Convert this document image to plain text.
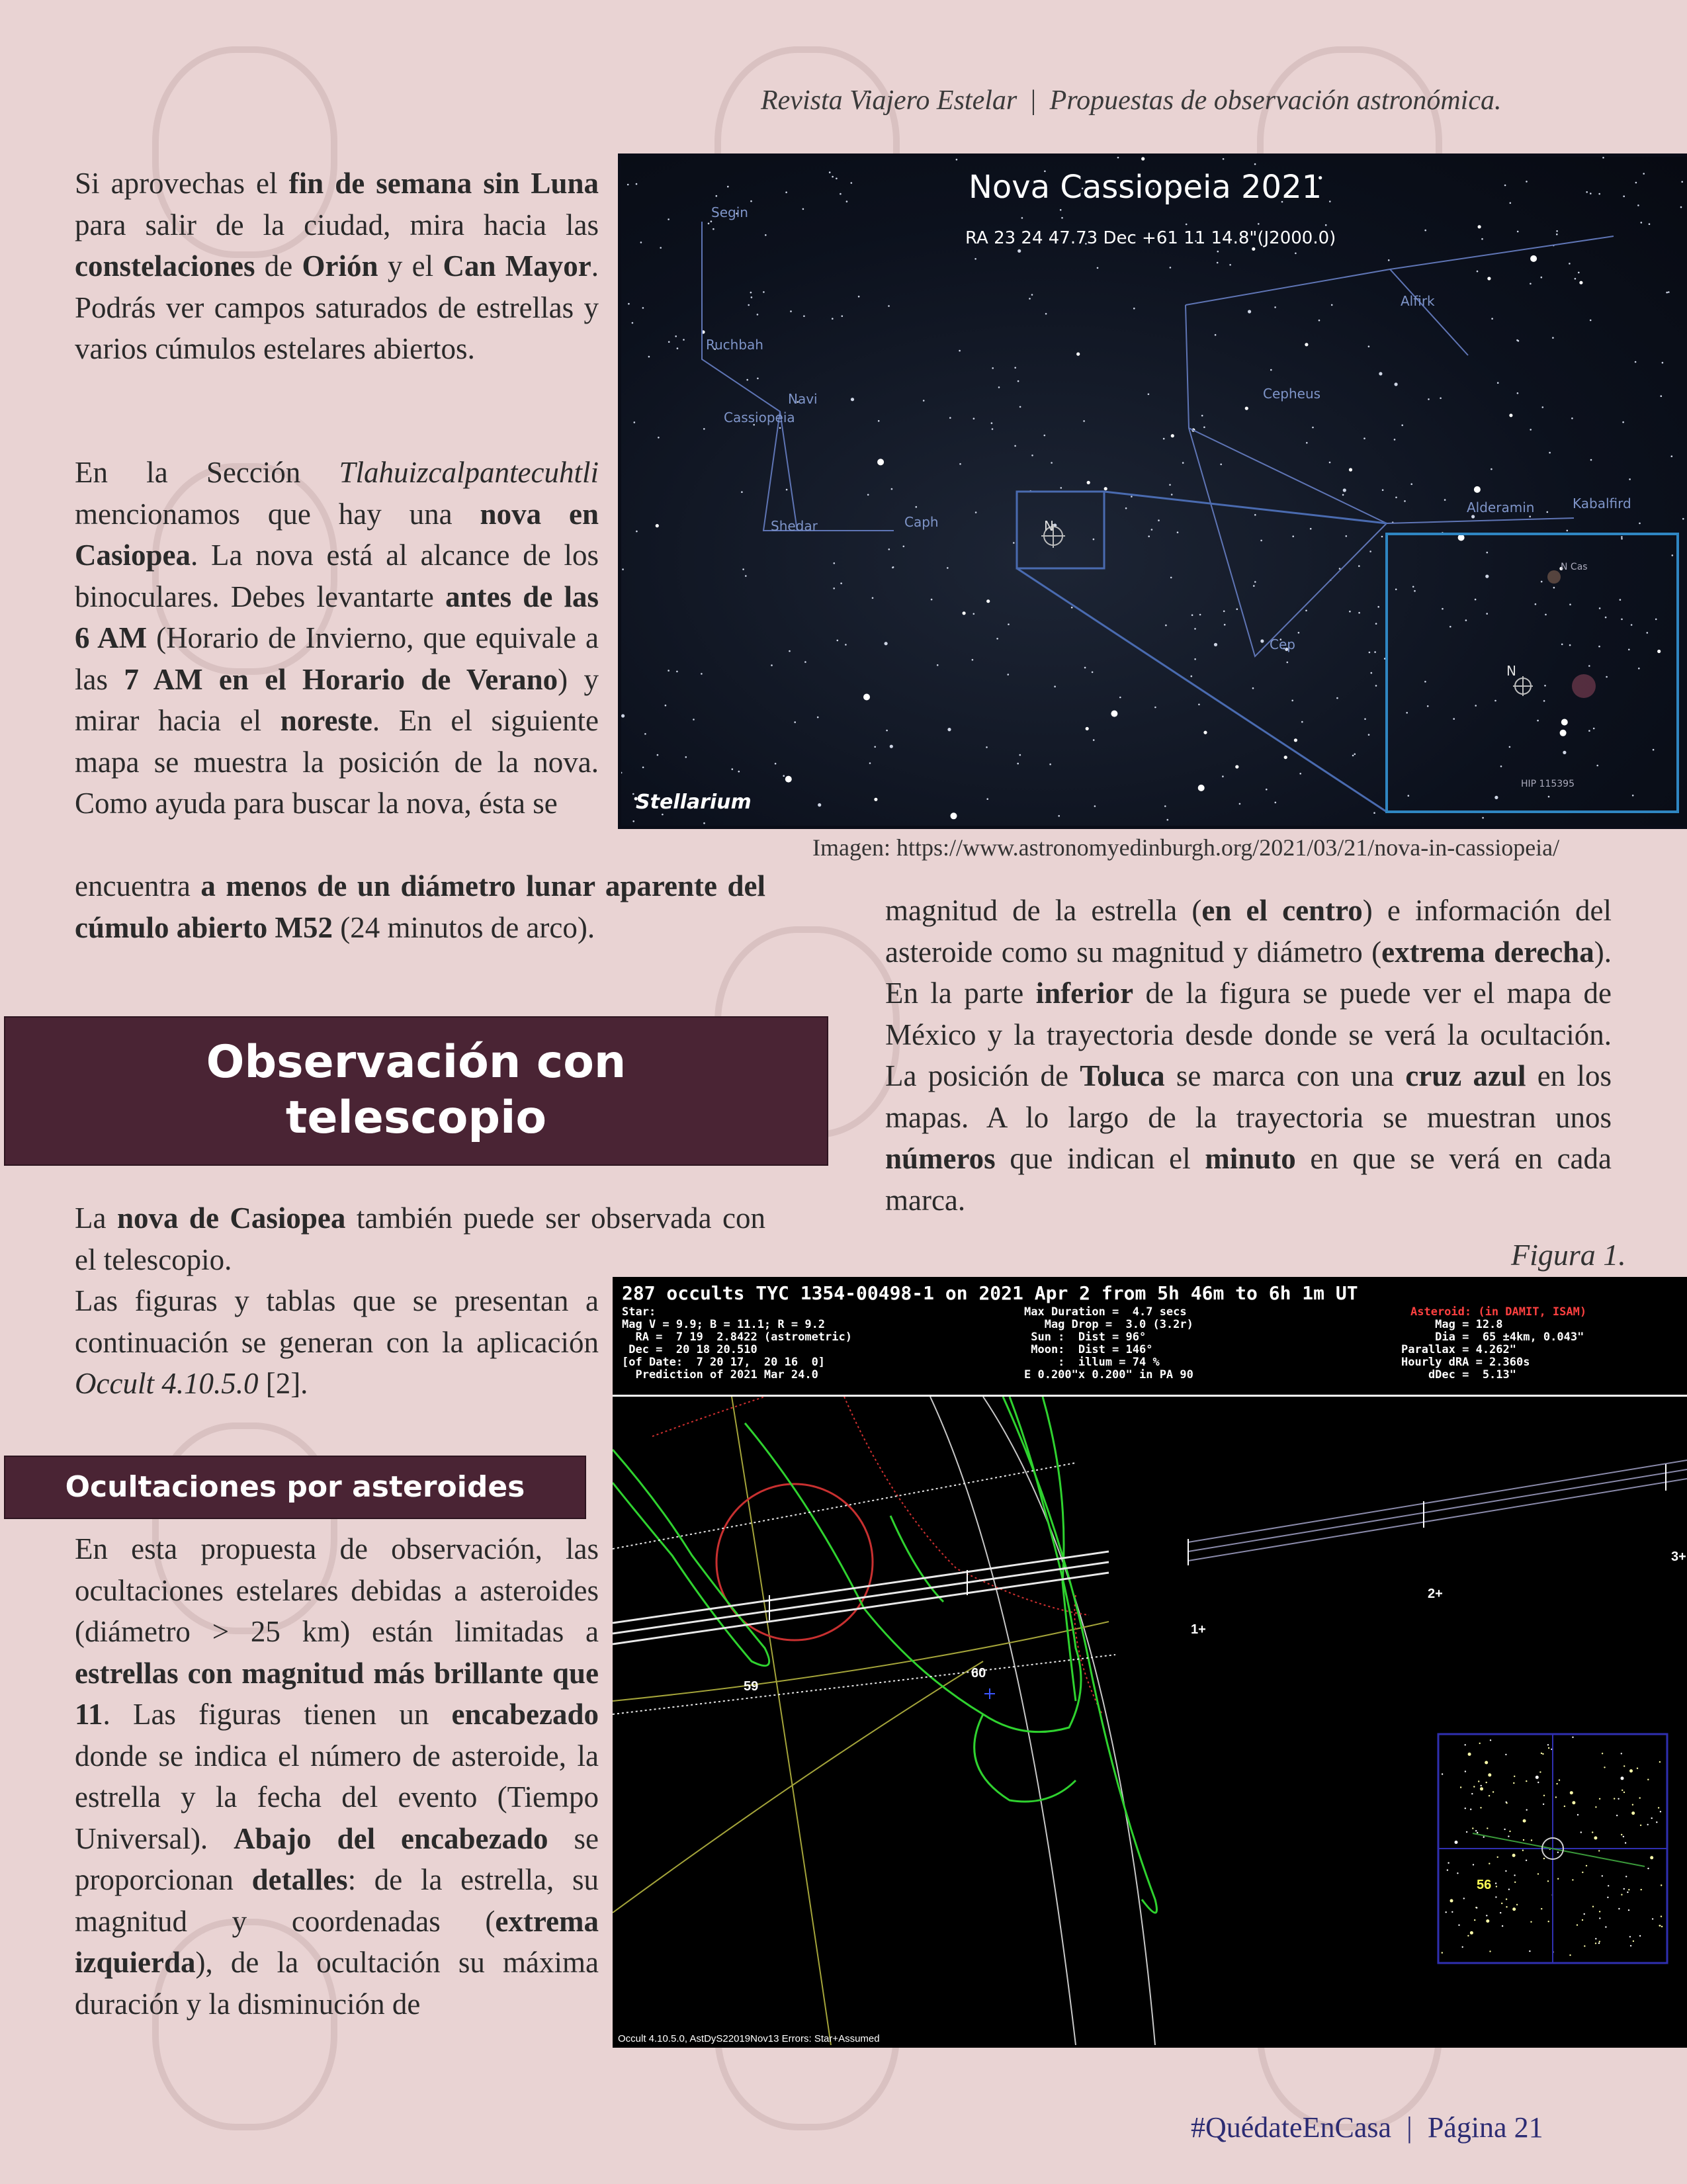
Revista Viajero Estelar | Propuestas de observación astronómica.

Si aprovechas el fin de semana sin Luna para salir de la ciudad, mira hacia las constelaciones de Orión y el Can Mayor. Podrás ver campos saturados de estrellas y varios cúmulos estelares abiertos.

En la Sección Tlahuizcalpantecuhtli mencionamos que hay una nova en Casiopea. La nova está al alcance de los binoculares. Debes levantarte antes de las 6 AM (Horario de Invierno, que equivale a las 7 AM en el Horario de Verano) y mirar hacia el noreste. En el siguiente mapa se muestra la posición de la nova. Como ayuda para buscar la nova, ésta se

encuentra a menos de un diámetro lunar aparente del cúmulo abierto M52 (24 minutos de arco).

Observación con
telescopio

La nova de Casiopea también puede ser observada con el telescopio.

Las figuras y tablas que se presentan a continuación se generan con la aplicación Occult 4.10.5.0 [2].

Ocultaciones por asteroides

En esta propuesta de observación, las ocultaciones estelares debidas a asteroides (diámetro > 25 km) están limitadas a estrellas con magnitud más brillante que 11. Las figuras tienen un encabezado donde se indica el número de asteroide, la estrella y la fecha del evento (Tiempo Universal). Abajo del encabezado se proporcionan detalles: de la estrella, su magnitud y coordenadas (extrema izquierda), de la ocultación su máxima duración y la disminución de

magnitud de la estrella (en el centro) e información del asteroide como su magnitud y diámetro (extrema derecha). En la parte inferior de la figura se puede ver el mapa de México y la trayectoria desde donde se verá la ocultación. La posición de Toluca se marca con una cruz azul en los mapas. A lo largo de la trayectoria se muestran unos números que indican el minuto en que se verá en cada marca.

Nova Cassiopeia 2021
RA 23 24 47.73 Dec +61 11 14.8"(J2000.0)
Segin
Ruchbah
Navi
Cassiopeia
Shedar	Caph
Alfirk
Cepheus
Alderamin	Kabalfird
Cep
N
N
N Cas
HIP 115395
Stellarium
Imagen: https://www.astronomyedinburgh.org/2021/03/21/nova-in-cassiopeia/
Figura 1.
287 occults TYC 1354-00498-1 on 2021 Apr 2 from 5h 46m to 6h 1m UT
Star:
Mag V = 9.9; B = 11.1; R = 9.2
RA =  7 19  2.8422 (astrometric)
Dec =  20 18 20.510
[of Date:  7 20 17,  20 16  0]
Prediction of 2021 Mar 24.0
Max Duration =  4.7 secs
Mag Drop =  3.0 (3.2r)
Sun :  Dist = 96°
Moon:  Dist = 146°
:  illum = 74 %
E 0.200"x 0.200" in PA 90
Asteroid: (in DAMIT, ISAM)
Mag = 12.8
Dia =  65 ±4km, 0.043"
Parallax = 4.262"
Hourly dRA = 2.360s
dDec =  5.13"
59
60
1+
2+
3+
56
Occult 4.10.5.0, AstDyS22019Nov13 Errors: Star+Assumed
#QuédateEnCasa | Página 21
